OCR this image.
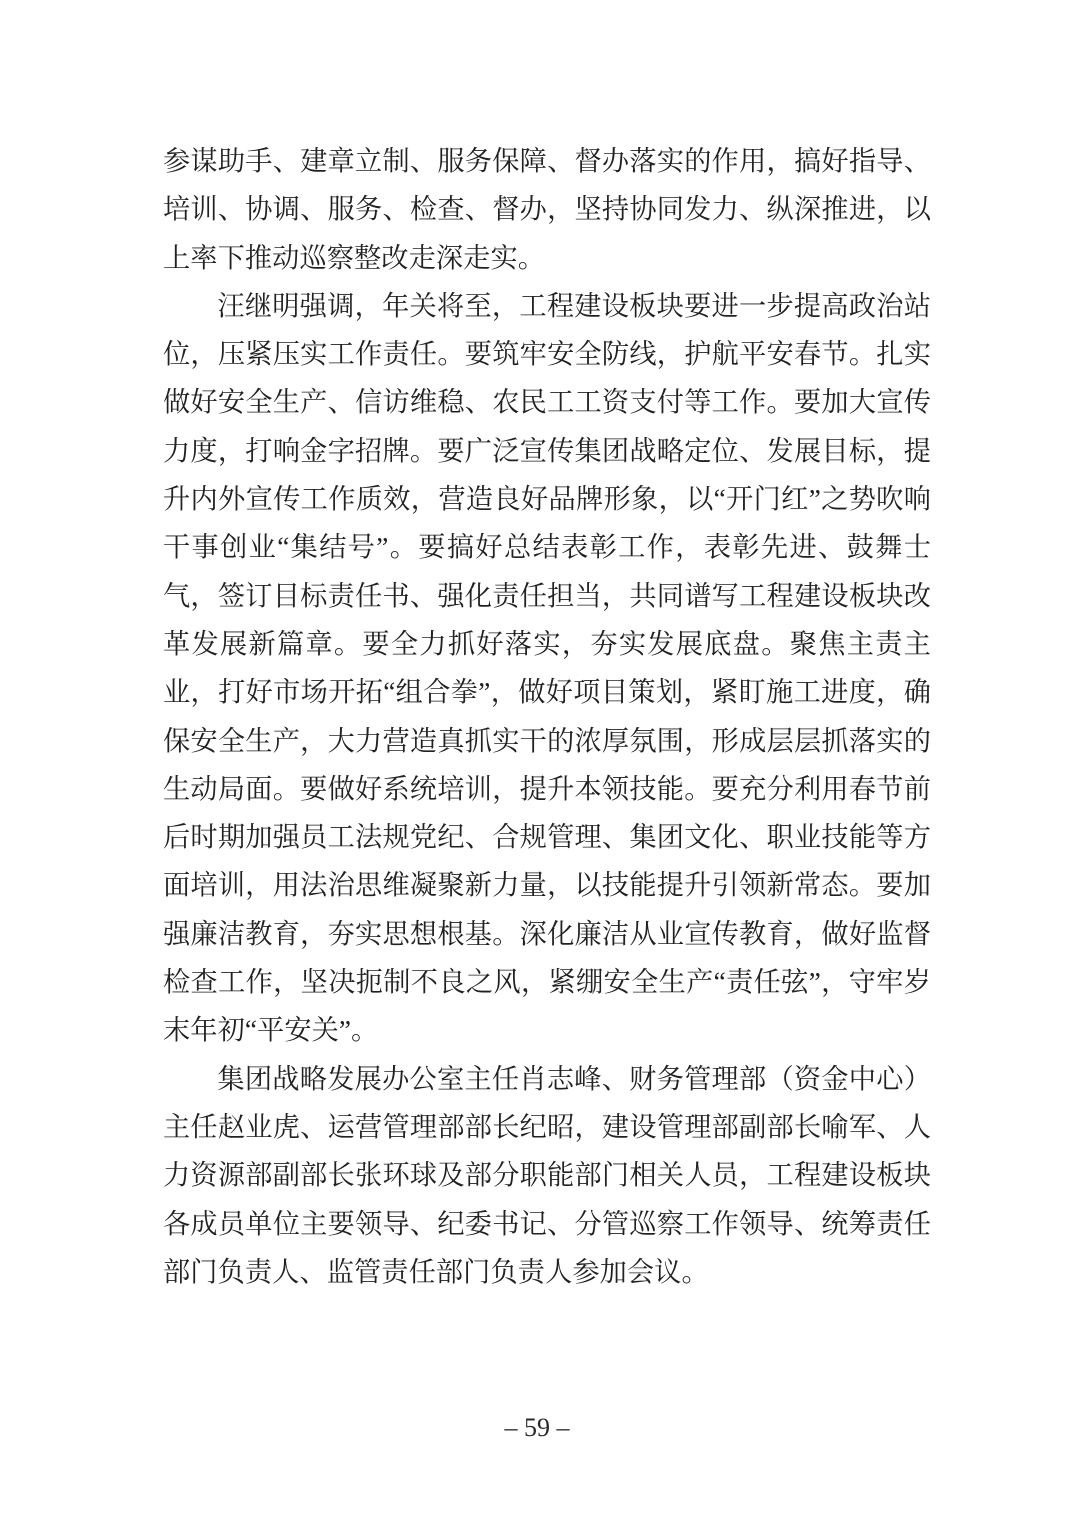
参谋助手、建章立制、服务保障、督办落实的作用，搞好指导、培训、协调、服务、检查、督办，坚持协同发力、纵深推进，以上率下推动巡察整改走深走实。

汪继明强调，年关将至，工程建设板块要进一步提高政治站位，压紧压实工作责任。要筑牢安全防线，护航平安春节。扎实做好安全生产、信访维稳、农民工工资支付等工作。要加大宣传力度，打响金字招牌。要广泛宣传集团战略定位、发展目标，提升内外宣传工作质效，营造良好品牌形象，以“开门红”之势吹响干事创业“集结号”。要搞好总结表彰工作，表彰先进、鼓舞士气，签订目标责任书、强化责任担当，共同谱写工程建设板块改革发展新篇章。要全力抓好落实，夯实发展底盘。聚焦主责主业，打好市场开拓“组合拳”，做好项目策划，紧盯施工进度，确保安全生产，大力营造真抓实干的浓厚氛围，形成层层抓落实的生动局面。要做好系统培训，提升本领技能。要充分利用春节前后时期加强员工法规党纪、合规管理、集团文化、职业技能等方面培训，用法治思维凝聚新力量，以技能提升引领新常态。要加强廉洁教育，夯实思想根基。深化廉洁从业宣传教育，做好监督检查工作，坚决扼制不良之风，紧绷安全生产“责任弦”，守牢岁末年初“平安关”。

集团战略发展办公室主任肖志峰、财务管理部（资金中心）主任赵业虎、运营管理部部长纪昭，建设管理部副部长喻军、人力资源部副部长张环球及部分职能部门相关人员，工程建设板块各成员单位主要领导、纪委书记、分管巡察工作领导、统筹责任部门负责人、监管责任部门负责人参加会议。

– 59 –
